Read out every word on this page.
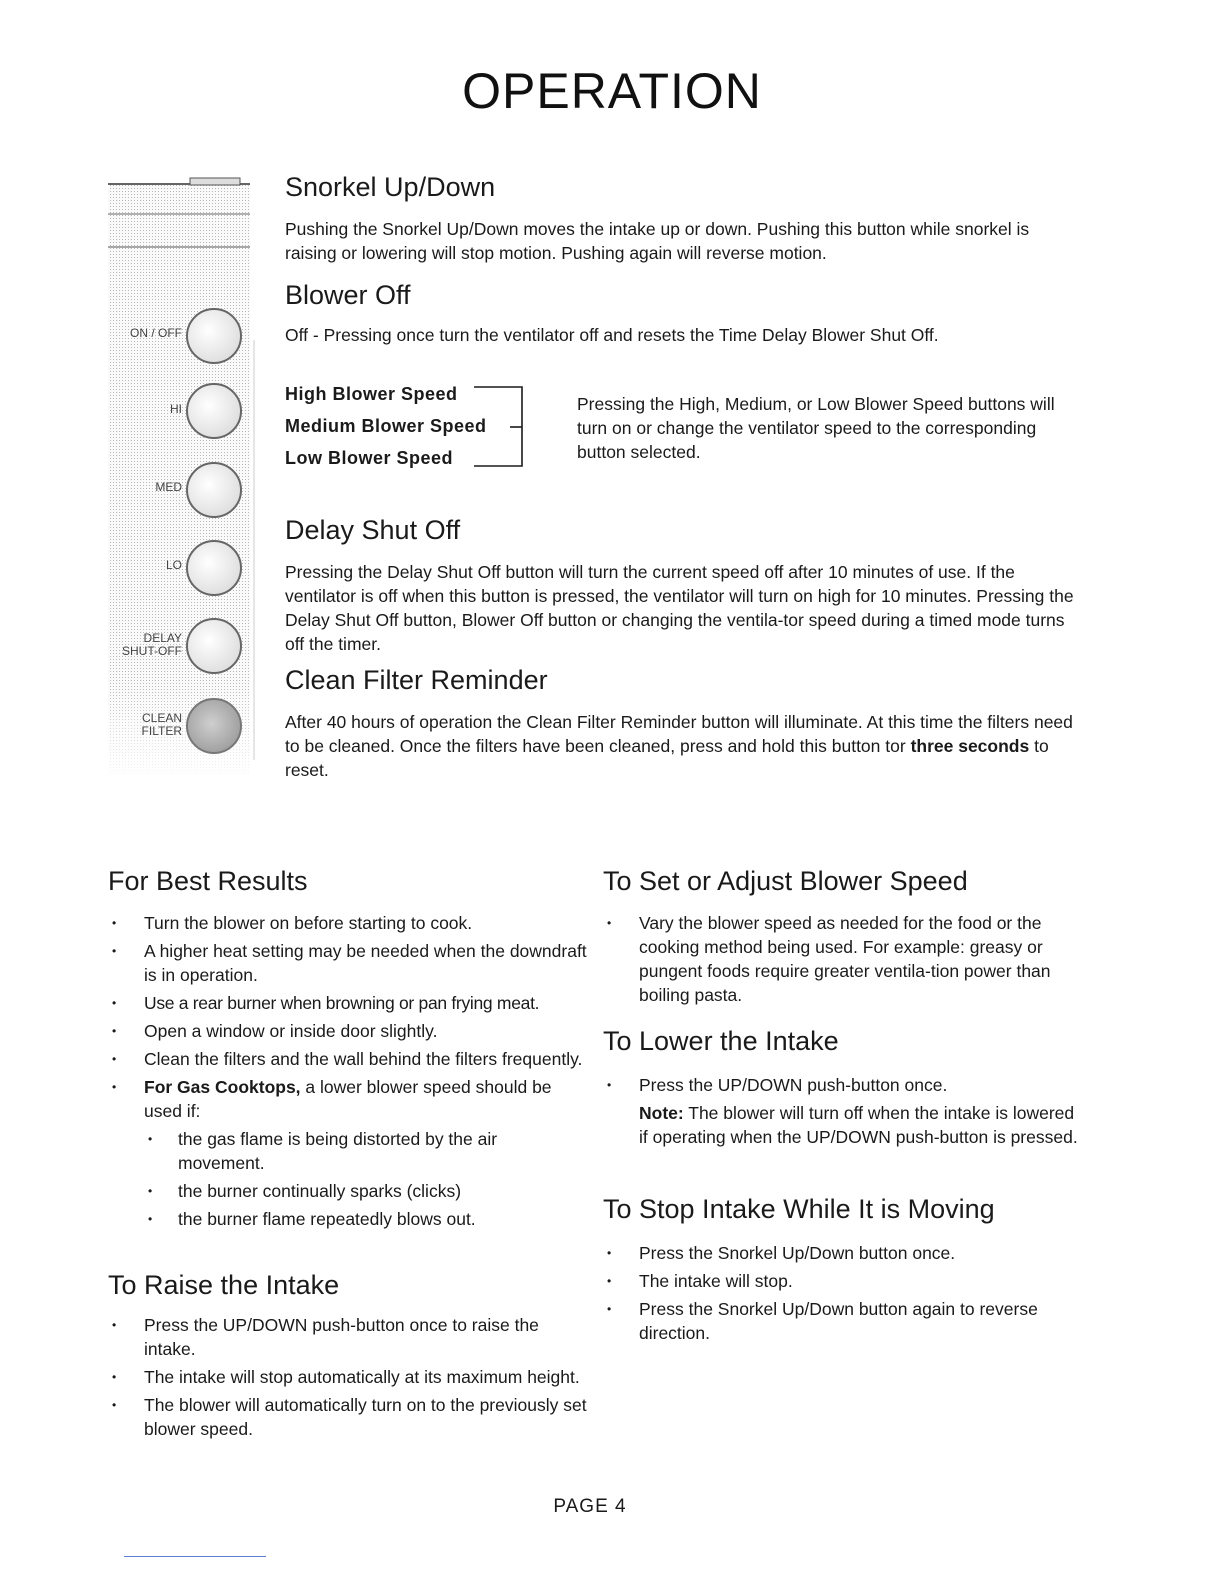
OPERATION
ON / OFF
HI
MED
LO
DELAY
SHUT-OFF
CLEAN
FILTER
Snorkel Up/Down

Pushing the Snorkel Up/Down moves the intake up or down. Pushing this button while snorkel is raising or lowering will stop motion. Pushing again will reverse motion.

Blower Off

Off - Pressing once turn the ventilator off and resets the Time Delay Blower Shut Off.

High Blower Speed
Medium Blower Speed
Low Blower Speed

Pressing the High, Medium, or Low Blower Speed buttons will turn on or change the ventilator speed to the corresponding button selected.

Delay Shut Off

Pressing the Delay Shut Off button will turn the current speed off after 10 minutes of use. If the ventilator is off when this button is pressed, the ventilator will turn on high for 10 minutes. Pressing the Delay Shut Off button, Blower Off button or changing the ventila-tor speed during a timed mode turns off the timer.

Clean Filter Reminder

After 40 hours of operation the Clean Filter Reminder button will illuminate. At this time the filters need to be cleaned. Once the filters have been cleaned, press and hold this button tor three seconds to reset.

For Best Results
• Turn the blower on before starting to cook.
• A higher heat setting may be needed when the downdraft is in operation.
• Use a rear burner when browning or pan frying meat.
• Open a window or inside door slightly.
• Clean the filters and the wall behind the filters frequently.
• For Gas Cooktops, a lower blower speed should be used if:
• the gas flame is being distorted by the air movement.
• the burner continually sparks (clicks)
• the burner flame repeatedly blows out.
To Raise the Intake
• Press the UP/DOWN push-button once to raise the intake.
• The intake will stop automatically at its maximum height.
• The blower will automatically turn on to the previously set blower speed.
To Set or Adjust Blower Speed
• Vary the blower speed as needed for the food or the cooking method being used. For example: greasy or pungent foods require greater ventila-tion power than boiling pasta.
To Lower the Intake
• Press the UP/DOWN push-button once.

Note: The blower will turn off when the intake is lowered if operating when the UP/DOWN push-button is pressed.

To Stop Intake While It is Moving
• Press the Snorkel Up/Down button once.
• The intake will stop.
• Press the Snorkel Up/Down button again to reverse direction.
PAGE 4
